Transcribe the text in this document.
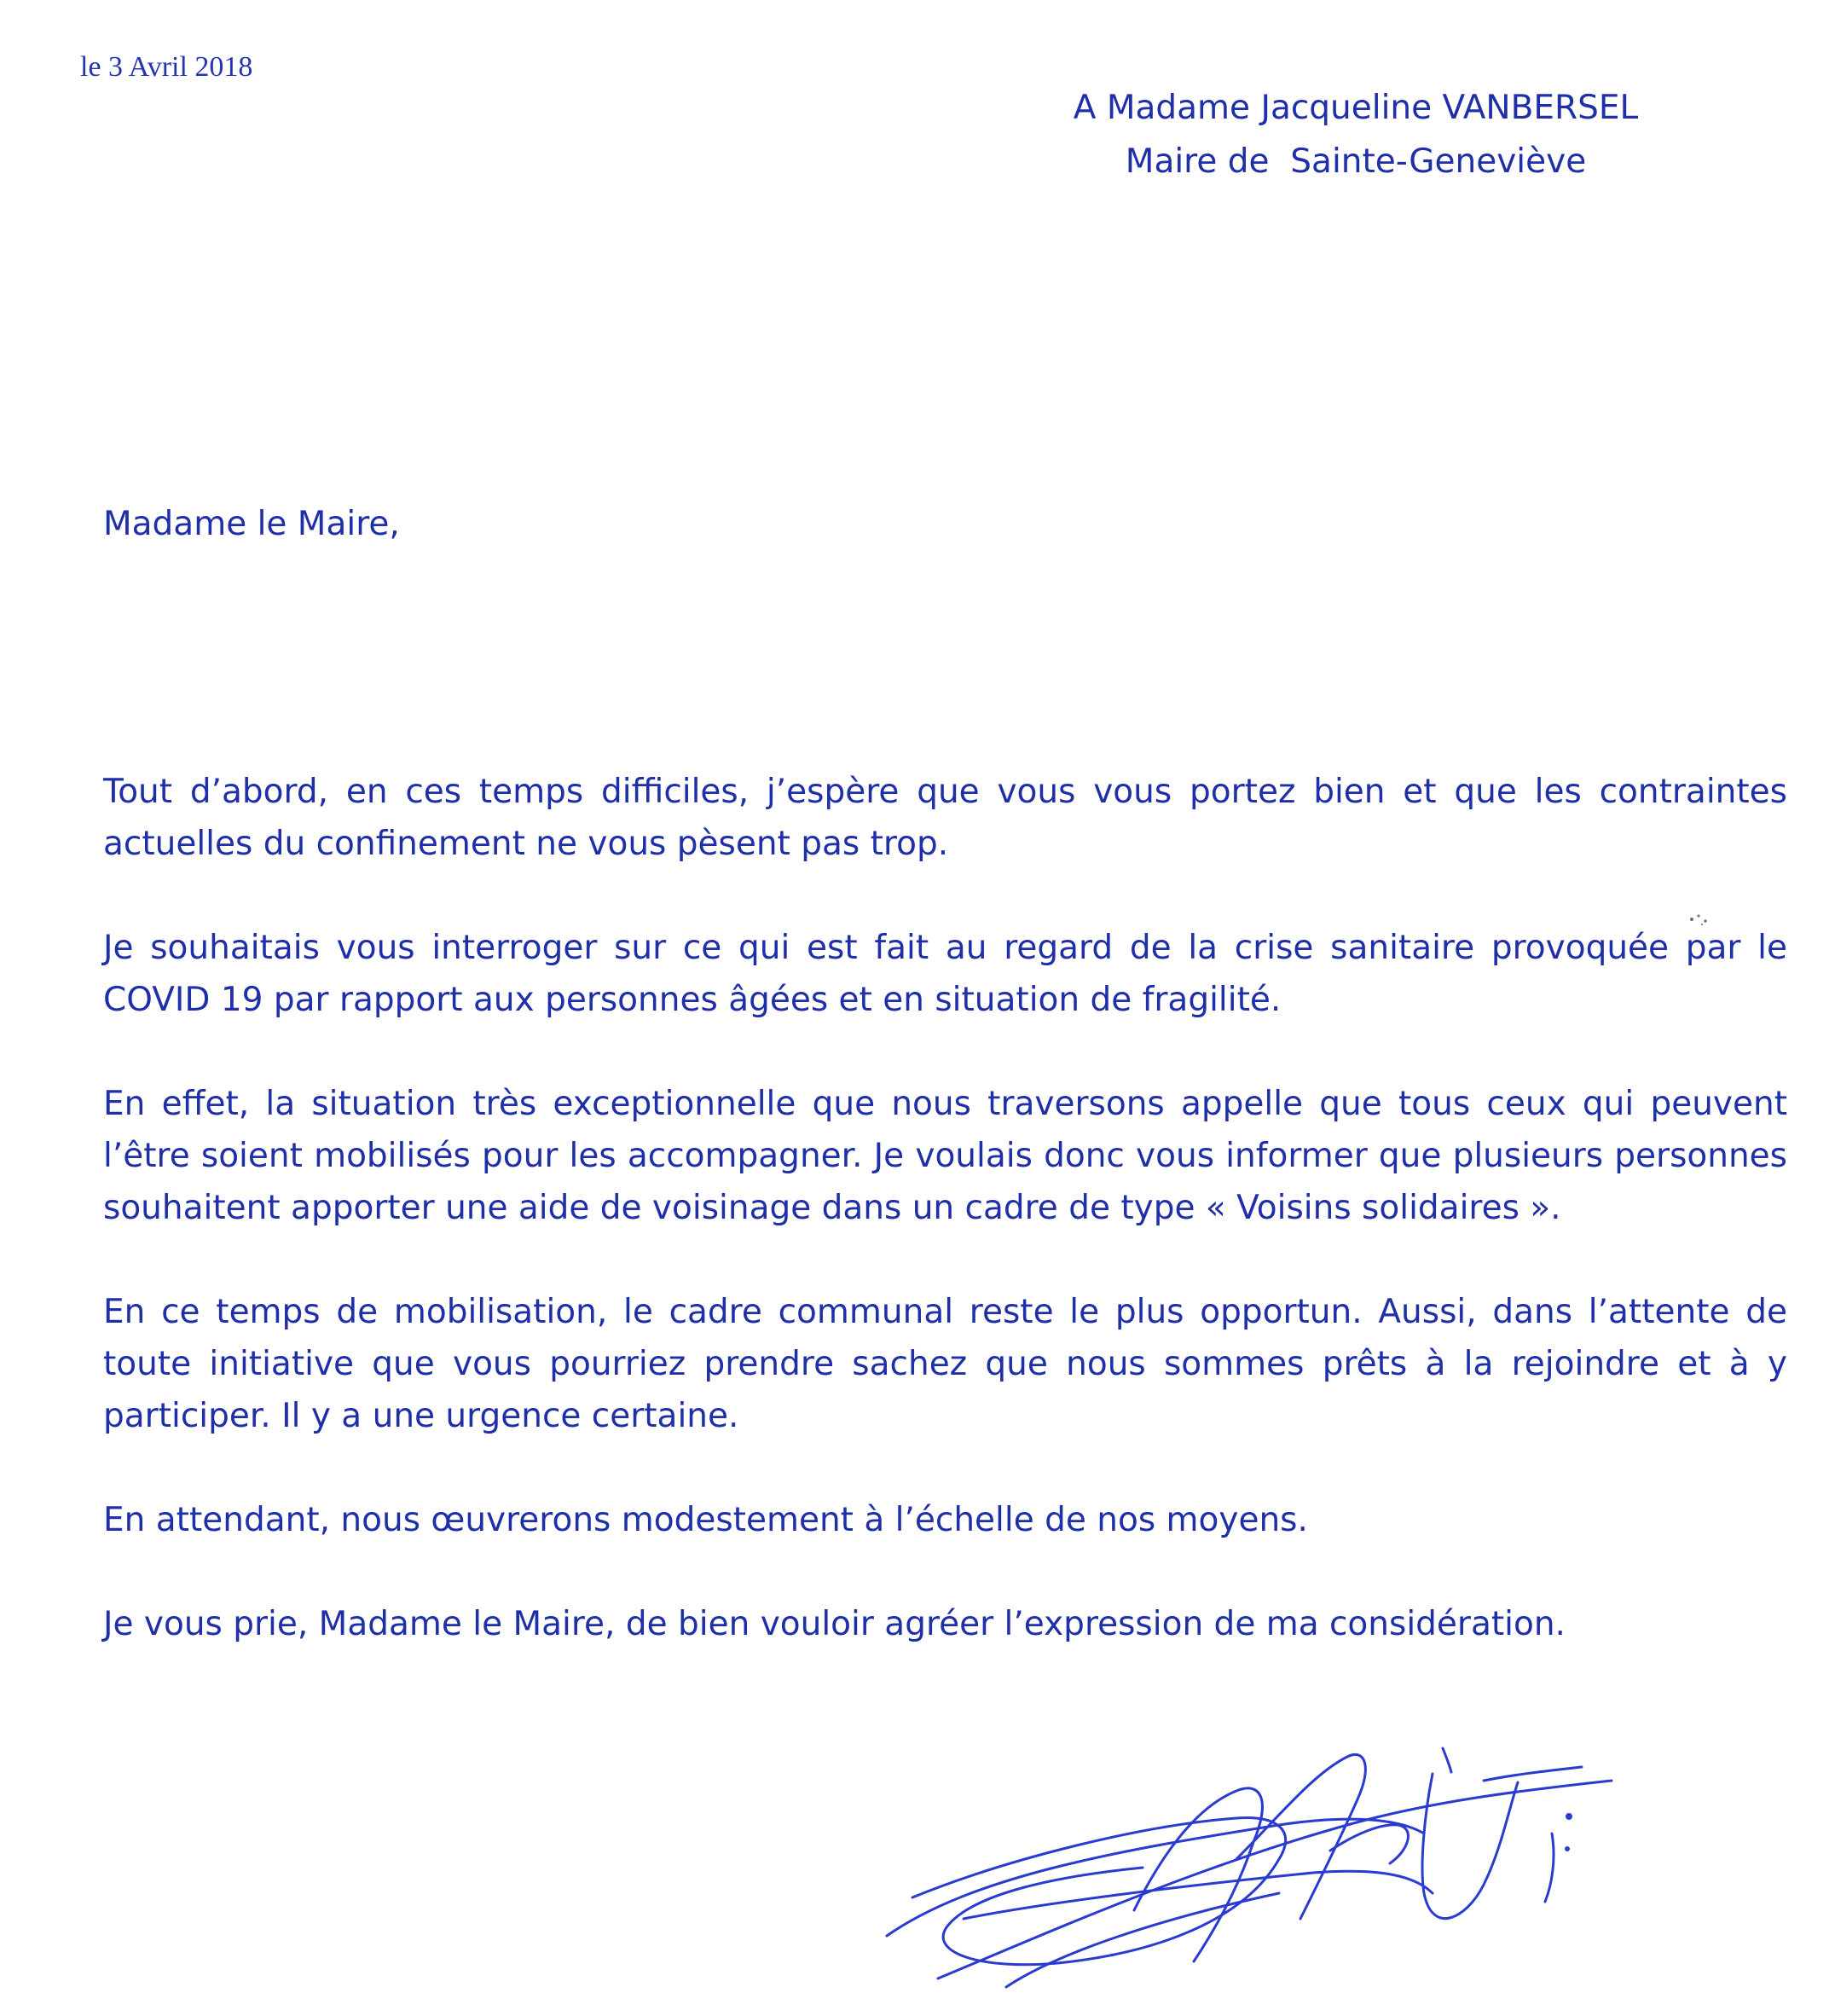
le 3 Avril 2018
A Madame Jacqueline VANBERSEL
Maire de  Sainte-Geneviève
Madame le Maire,

Tout d’abord, en ces temps difficiles, j’espère que vous vous portez bien et que les contraintes actuelles du confinement ne vous pèsent pas trop.

Je souhaitais vous interroger sur ce qui est fait au regard de la crise sanitaire provoquée par le COVID 19 par rapport aux personnes âgées et en situation de fragilité.

En effet, la situation très exceptionnelle que nous traversons appelle que tous ceux qui peuvent l’être soient mobilisés pour les accompagner. Je voulais donc vous informer que plusieurs personnes souhaitent apporter une aide de voisinage dans un cadre de type « Voisins solidaires ».

En ce temps de mobilisation, le cadre communal reste le plus opportun. Aussi, dans l’attente de toute initiative que vous pourriez prendre sachez que nous sommes prêts à la rejoindre et à y participer. Il y a une urgence certaine.

En attendant, nous œuvrerons modestement à l’échelle de nos moyens.

Je vous prie, Madame le Maire, de bien vouloir agréer l’expression de ma considération.
